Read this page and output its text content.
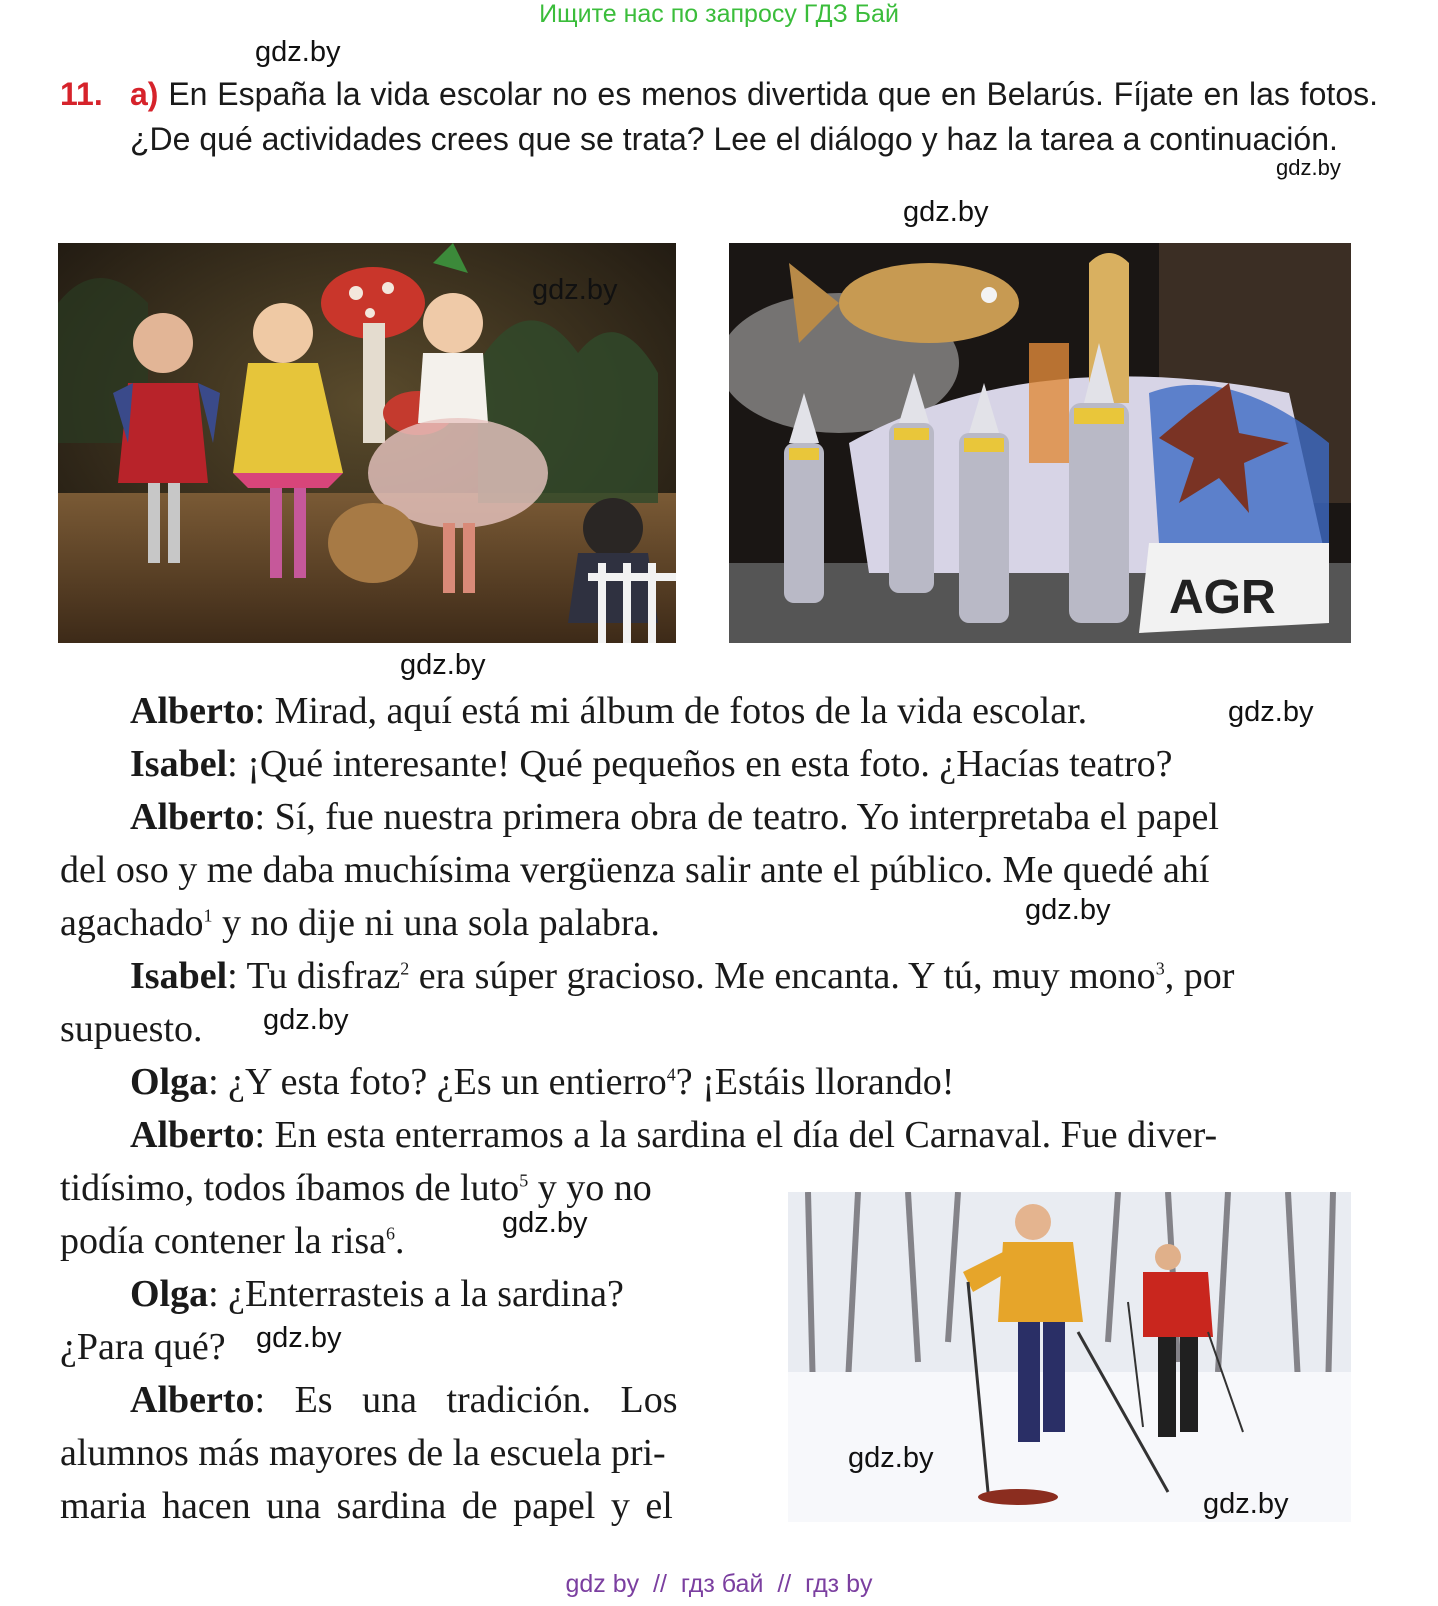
Ищите нас по запросу ГДЗ Бай
gdz.by
gdz.by
gdz.by
11. a) En España la vida escolar no es menos divertida que en Belarús. Fíjate en las fotos. ¿De qué actividades crees que se trata? Lee el diálogo y haz la tarea a continuación.
gdz.by
AGR
gdz.by
Alberto: Mirad, aquí está mi álbum de fotos de la vida escolar.	gdz.by
Isabel: ¡Qué interesante! Qué pequeños en esta foto. ¿Hacías teatro?
Alberto: Sí, fue nuestra primera obra de teatro. Yo interpretaba el papel
del oso y me daba muchísima vergüenza salir ante el público. Me quedé ahí
agachado$^1$ y no dije ni una sola palabra.	gdz.by
Isabel: Tu disfraz$^2$ era súper gracioso. Me encanta. Y tú, muy mono$^3$, por
supuesto. gdz.by
Olga: ¿Y esta foto? ¿Es un entierro$^4$? ¡Estáis llorando!
Alberto: En esta enterramos a la sardina el día del Carnaval. Fue diver-
tidísimo, todos íbamos de luto$^5$ y yo no
podía contener la risa$^6$.	gdz.by
Olga: ¿Enterrasteis a la sardina?
¿Para qué? gdz.by
Alberto: Es una tradición. Los
alumnos más mayores de la escuela pri-
maria hacen una sardina de papel y el
gdz.by
gdz.by
gdz by  //  гдз бай  //  гдз by
